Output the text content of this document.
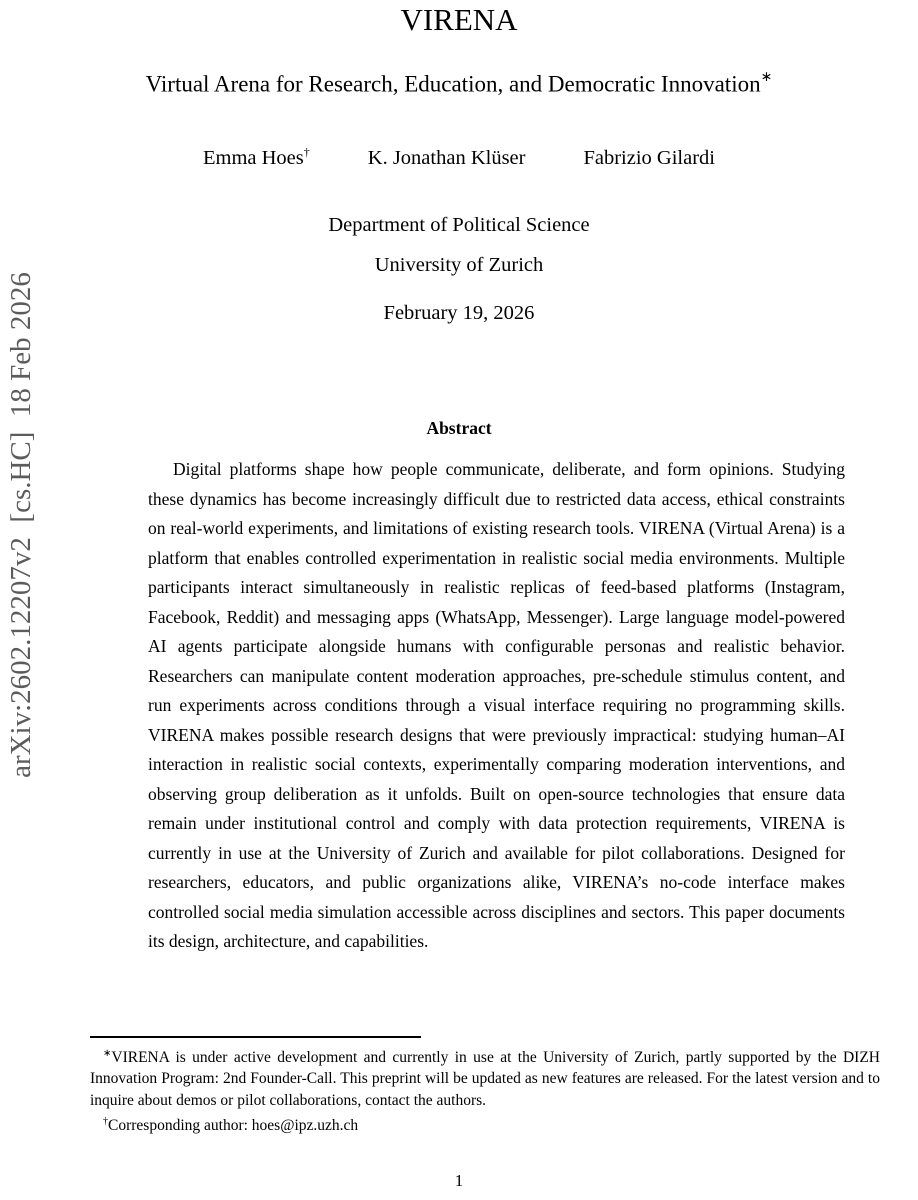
arXiv:2602.12207v2  [cs.HC]  18 Feb 2026
VIRENA
Virtual Arena for Research, Education, and Democratic Innovation∗
Emma Hoes†	K. Jonathan Klüser	Fabrizio Gilardi
Department of Political Science
University of Zurich
February 19, 2026
Abstract

Digital platforms shape how people communicate, deliberate, and form opinions. Studying these dynamics has become increasingly difficult due to restricted data access, ethical constraints on real-world experiments, and limitations of existing research tools. VIRENA (Virtual Arena) is a platform that enables controlled experimentation in realistic social media environments. Multiple participants interact simultaneously in realistic replicas of feed-based platforms (Instagram, Facebook, Reddit) and messaging apps (WhatsApp, Messenger). Large language model-powered AI agents participate alongside humans with configurable personas and realistic behavior. Researchers can manipulate content moderation approaches, pre-schedule stimulus content, and run experiments across conditions through a visual interface requiring no programming skills. VIRENA makes possible research designs that were previously impractical: studying human–AI interaction in realistic social contexts, experimentally comparing moderation interventions, and observing group deliberation as it unfolds. Built on open-source technologies that ensure data remain under institutional control and comply with data protection requirements, VIRENA is currently in use at the University of Zurich and available for pilot collaborations. Designed for researchers, educators, and public organizations alike, VIRENA’s no-code interface makes controlled social media simulation accessible across disciplines and sectors. This paper documents its design, architecture, and capabilities.

∗VIRENA is under active development and currently in use at the University of Zurich, partly supported by the DIZH Innovation Program: 2nd Founder-Call. This preprint will be updated as new features are released. For the latest version and to inquire about demos or pilot collaborations, contact the authors.

†Corresponding author: hoes@ipz.uzh.ch

1
